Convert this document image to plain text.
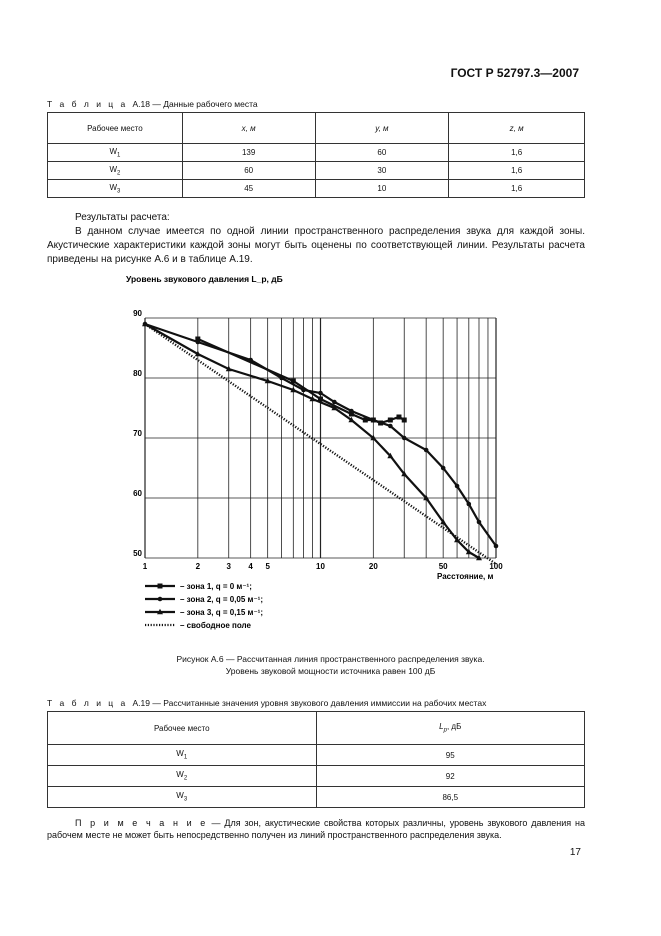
ГОСТ Р 52797.3—2007
Т а б л и ц а А.18 — Данные рабочего места
Рабочее место	x, м	y, м	z, м
$W_1$	139	60	1,6
$W_2$	60	30	1,6
$W_3$	45	10	1,6

Результаты расчета:

В данном случае имеется по одной линии пространственного распределения звука для каждой зоны. Акустические характеристики каждой зоны могут быть оценены по соответствующей линии. Результаты расчета приведены на рисунке А.6 и в таблице А.19.

Уровень звукового давления L_p, дБ
1	2	3 4 5	10	20	50	100
90
80
70
60
50
Расстояние, м
– зона 1, q = 0 м⁻¹;
– зона 2, q = 0,05 м⁻¹;
– зона 3, q = 0,15 м⁻¹;
– свободное поле
Рисунок А.6 — Рассчитанная линия пространственного распределения звука.
Уровень звуковой мощности источника равен 100 дБ
Т а б л и ц а А.19 — Рассчитанные значения уровня звукового давления иммиссии на рабочих местах
Рабочее место	$L_p$, дБ
$W_1$	95
$W_2$	92
$W_3$	86,5
П р и м е ч а н и е — Для зон, акустические свойства которых различны, уровень звукового давления на рабочем месте не может быть непосредственно получен из линий пространственного распределения звука.
17
